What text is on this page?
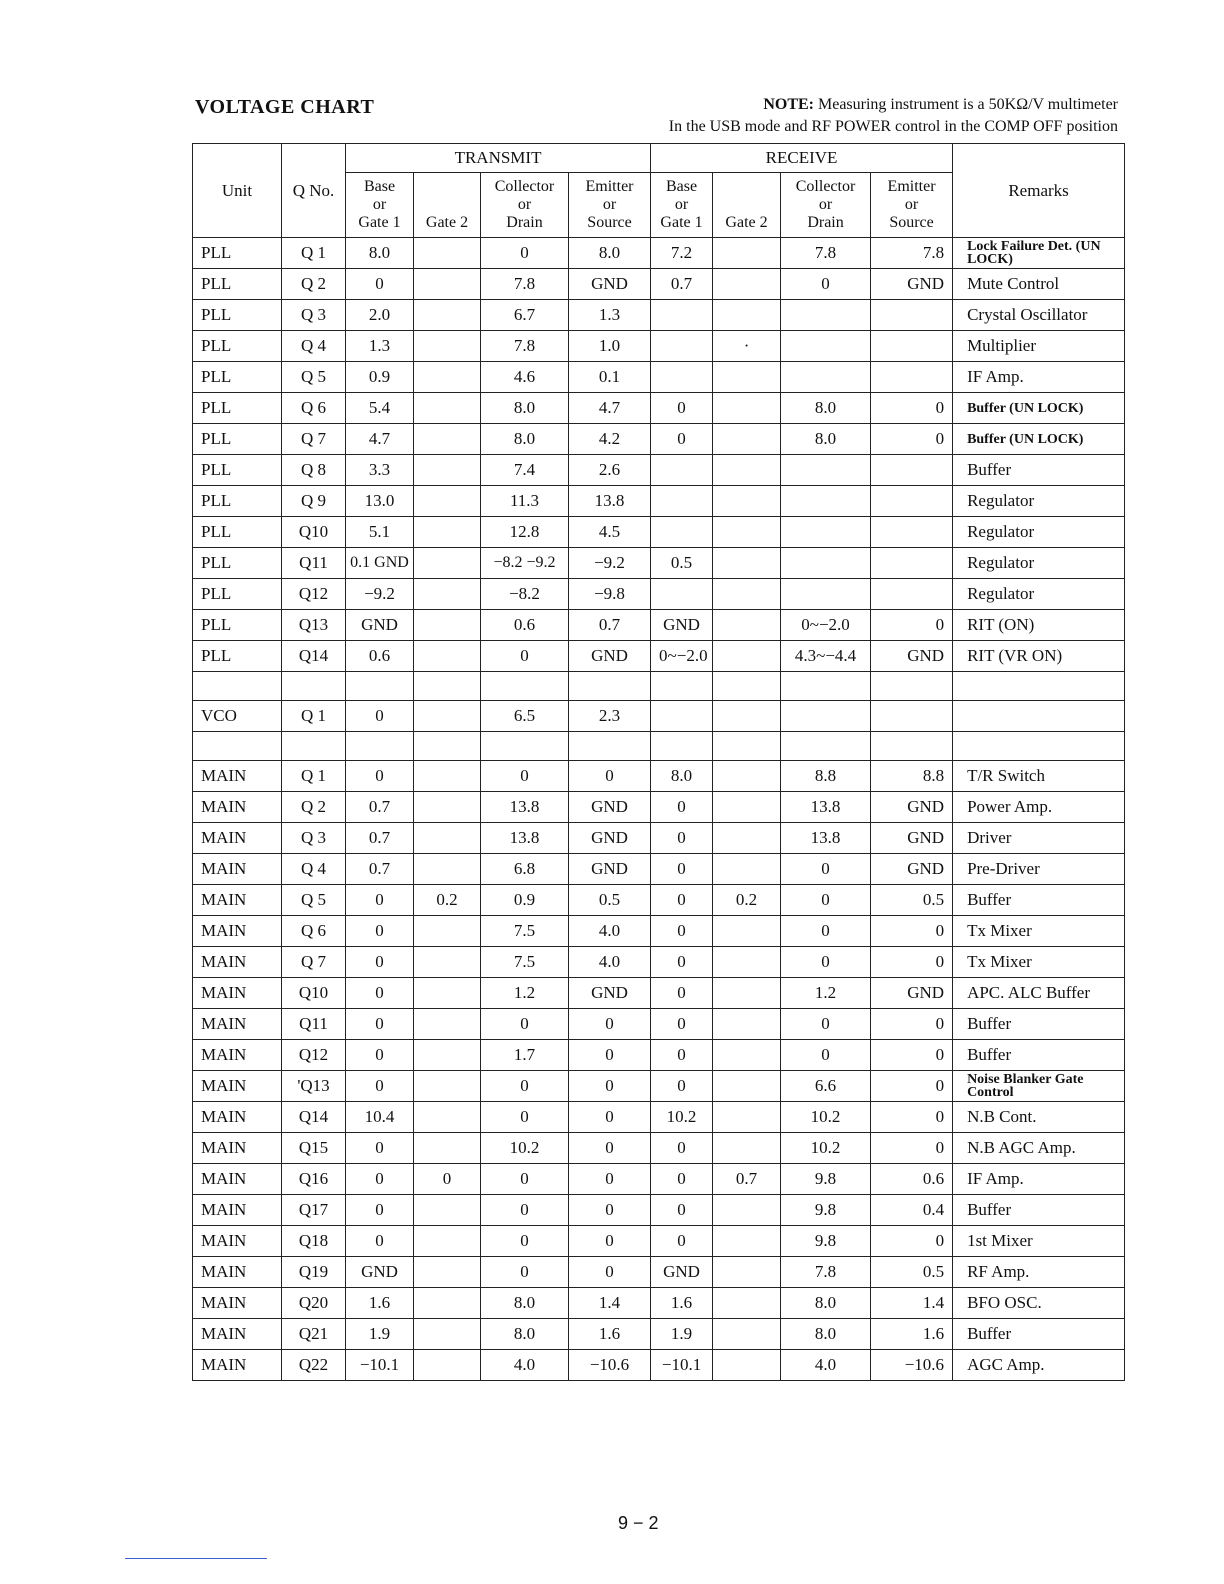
VOLTAGE CHART	NOTE: Measuring instrument is a 50KΩ/V multimeter
In the USB mode and RF POWER control in the COMP OFF position
Unit	Q No.	TRANSMIT				RECEIVE				Remarks
		Base
or
Gate 1	Gate 2	Collector
or
Drain	Emitter
or
Source	Base
or
Gate 1	Gate 2	Collector
or
Drain	Emitter
or
Source	
PLL	Q 1	8.0		0	8.0	7.2		7.8	7.8	Lock Failure Det. (UN LOCK)
PLL	Q 2	0		7.8	GND	0.7		0	GND	Mute Control
PLL	Q 3	2.0		6.7	1.3					Crystal Oscillator
PLL	Q 4	1.3		7.8	1.0		·			Multiplier
PLL	Q 5	0.9		4.6	0.1					IF Amp.
PLL	Q 6	5.4		8.0	4.7	0		8.0	0	Buffer (UN LOCK)
PLL	Q 7	4.7		8.0	4.2	0		8.0	0	Buffer (UN LOCK)
PLL	Q 8	3.3		7.4	2.6					Buffer
PLL	Q 9	13.0		11.3	13.8					Regulator
PLL	Q10	5.1		12.8	4.5					Regulator
PLL	Q11	0.1 GND		−8.2 −9.2	−9.2	0.5				Regulator
PLL	Q12	−9.2		−8.2	−9.8					Regulator
PLL	Q13	GND		0.6	0.7	GND		0~−2.0	0	RIT (ON)
PLL	Q14	0.6		0	GND	0~−2.0		4.3~−4.4	GND	RIT (VR ON)

VCO	Q 1	0		6.5	2.3					

MAIN	Q 1	0		0	0	8.0		8.8	8.8	T/R Switch
MAIN	Q 2	0.7		13.8	GND	0		13.8	GND	Power Amp.
MAIN	Q 3	0.7		13.8	GND	0		13.8	GND	Driver
MAIN	Q 4	0.7		6.8	GND	0		0	GND	Pre-Driver
MAIN	Q 5	0	0.2	0.9	0.5	0	0.2	0	0.5	Buffer
MAIN	Q 6	0		7.5	4.0	0		0	0	Tx Mixer
MAIN	Q 7	0		7.5	4.0	0		0	0	Tx Mixer
MAIN	Q10	0		1.2	GND	0		1.2	GND	APC. ALC Buffer
MAIN	Q11	0		0	0	0		0	0	Buffer
MAIN	Q12	0		1.7	0	0		0	0	Buffer
MAIN	'Q13	0		0	0	0		6.6	0	Noise Blanker Gate Control
MAIN	Q14	10.4		0	0	10.2		10.2	0	N.B Cont.
MAIN	Q15	0		10.2	0	0		10.2	0	N.B AGC Amp.
MAIN	Q16	0	0	0	0	0	0.7	9.8	0.6	IF Amp.
MAIN	Q17	0		0	0	0		9.8	0.4	Buffer
MAIN	Q18	0		0	0	0		9.8	0	1st Mixer
MAIN	Q19	GND		0	0	GND		7.8	0.5	RF Amp.
MAIN	Q20	1.6		8.0	1.4	1.6		8.0	1.4	BFO OSC.
MAIN	Q21	1.9		8.0	1.6	1.9		8.0	1.6	Buffer
MAIN	Q22	−10.1		4.0	−10.6	−10.1		4.0	−10.6	AGC Amp.
9 − 2
